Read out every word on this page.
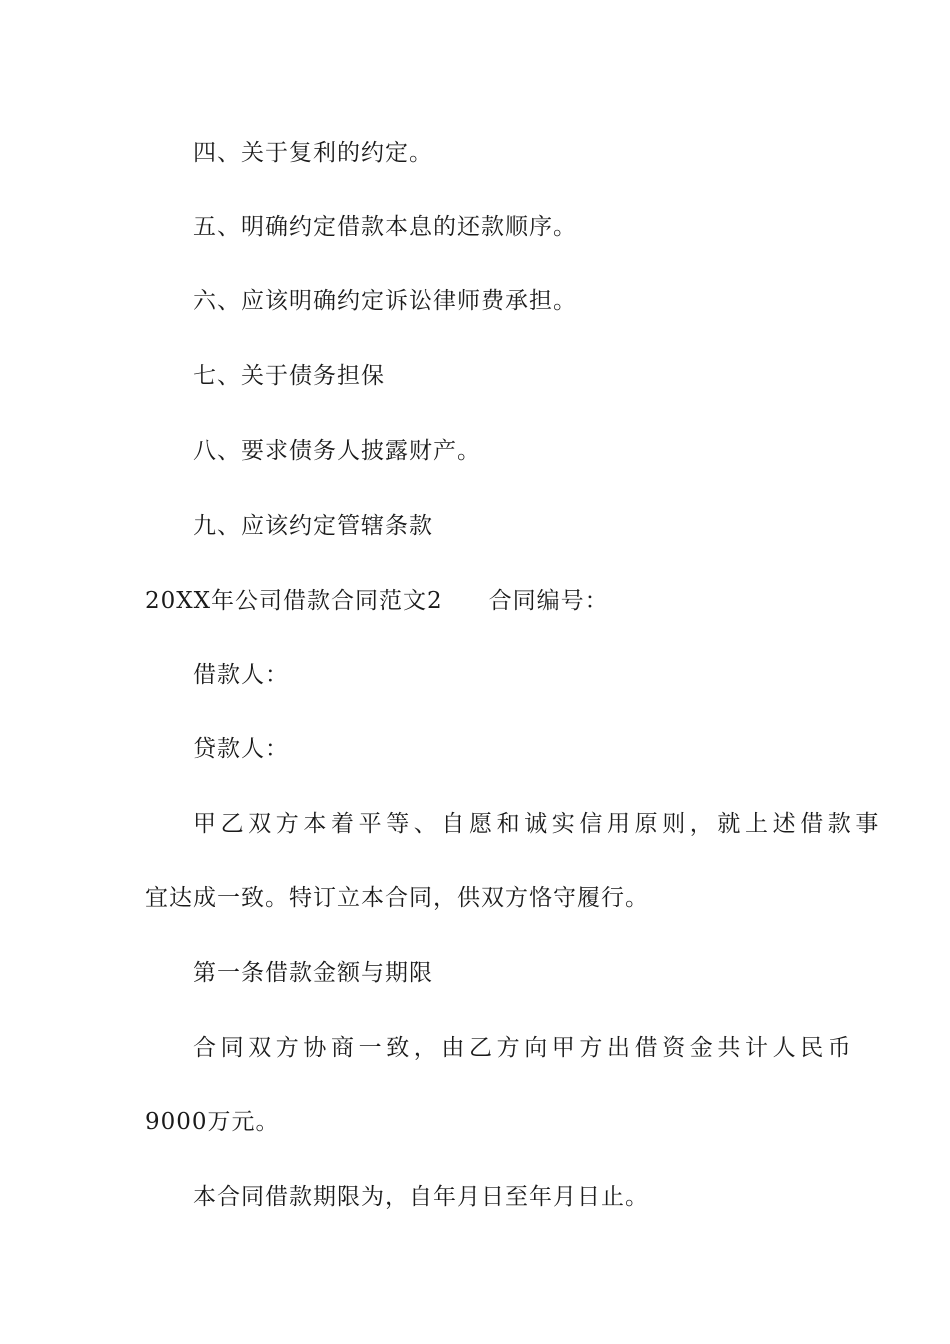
四、关于复利的约定。
五、明确约定借款本息的还款顺序。
六、应该明确约定诉讼律师费承担。
七、关于债务担保
八、要求债务人披露财产。
九、应该约定管辖条款
20XX年公司借款合同范文2 合同编号：
借款人：
贷款人：
甲乙双方本着平等、自愿和诚实信用原则，就上述借款事
宜达成一致。特订立本合同，供双方恪守履行。
第一条借款金额与期限
合同双方协商一致，由乙方向甲方出借资金共计人民币
9000万元。
本合同借款期限为，自年月日至年月日止。
